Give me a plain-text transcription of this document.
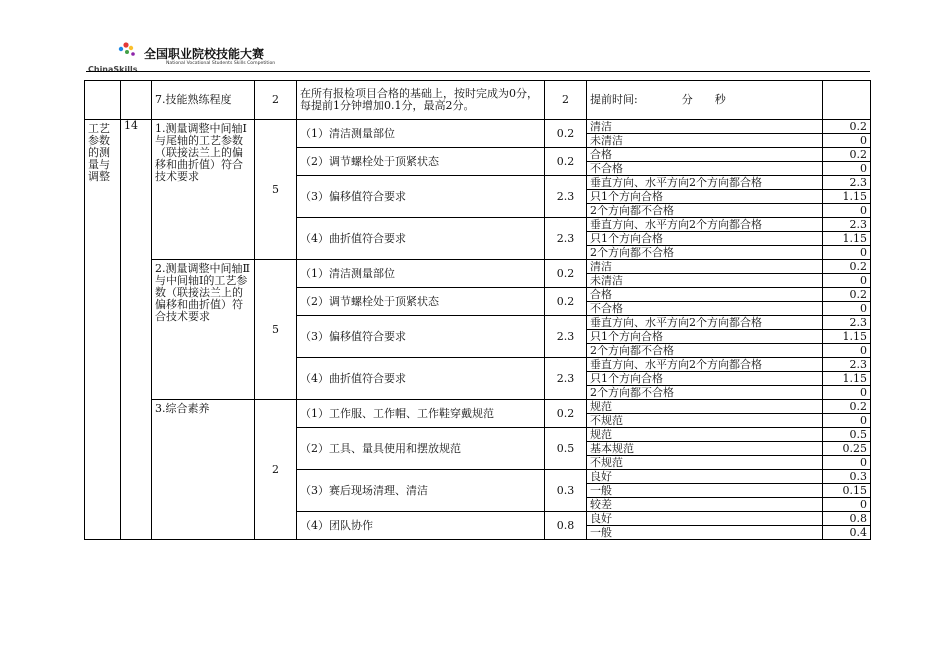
全国职业院校技能大赛
National Vocational Students Skills Competition
ChinaSkills
		7.技能熟练程度	2	在所有报检项目合格的基础上，按时完成为0分，每提前1分钟增加0.1分，最高2分。	2	提前时间:　　　　分　　秒	
工艺参数的测量与调整	14	1.测量调整中间轴Ⅰ与尾轴的工艺参数（联接法兰上的偏移和曲折值）符合技术要求	5	（1）清洁测量部位	0.2	清洁	0.2
						未清洁	0
				（2）调节螺栓处于顶紧状态	0.2	合格	0.2
						不合格	0
				（3）偏移值符合要求	2.3	垂直方向、水平方向2个方向都合格	2.3
						只1个方向合格	1.15
						2个方向都不合格	0
				（4）曲折值符合要求	2.3	垂直方向、水平方向2个方向都合格	2.3
						只1个方向合格	1.15
						2个方向都不合格	0
		2.测量调整中间轴Ⅱ与中间轴Ⅰ的工艺参数（联接法兰上的偏移和曲折值）符合技术要求	5	（1）清洁测量部位	0.2	清洁	0.2
						未清洁	0
				（2）调节螺栓处于顶紧状态	0.2	合格	0.2
						不合格	0
				（3）偏移值符合要求	2.3	垂直方向、水平方向2个方向都合格	2.3
						只1个方向合格	1.15
						2个方向都不合格	0
				（4）曲折值符合要求	2.3	垂直方向、水平方向2个方向都合格	2.3
						只1个方向合格	1.15
						2个方向都不合格	0
		3.综合素养	2	（1）工作服、工作帽、工作鞋穿戴规范	0.2	规范	0.2
						不规范	0
				（2）工具、量具使用和摆放规范	0.5	规范	0.5
						基本规范	0.25
						不规范	0
				（3）赛后现场清理、清洁	0.3	良好	0.3
						一般	0.15
						较差	0
				（4）团队协作	0.8	良好	0.8
						一般	0.4
